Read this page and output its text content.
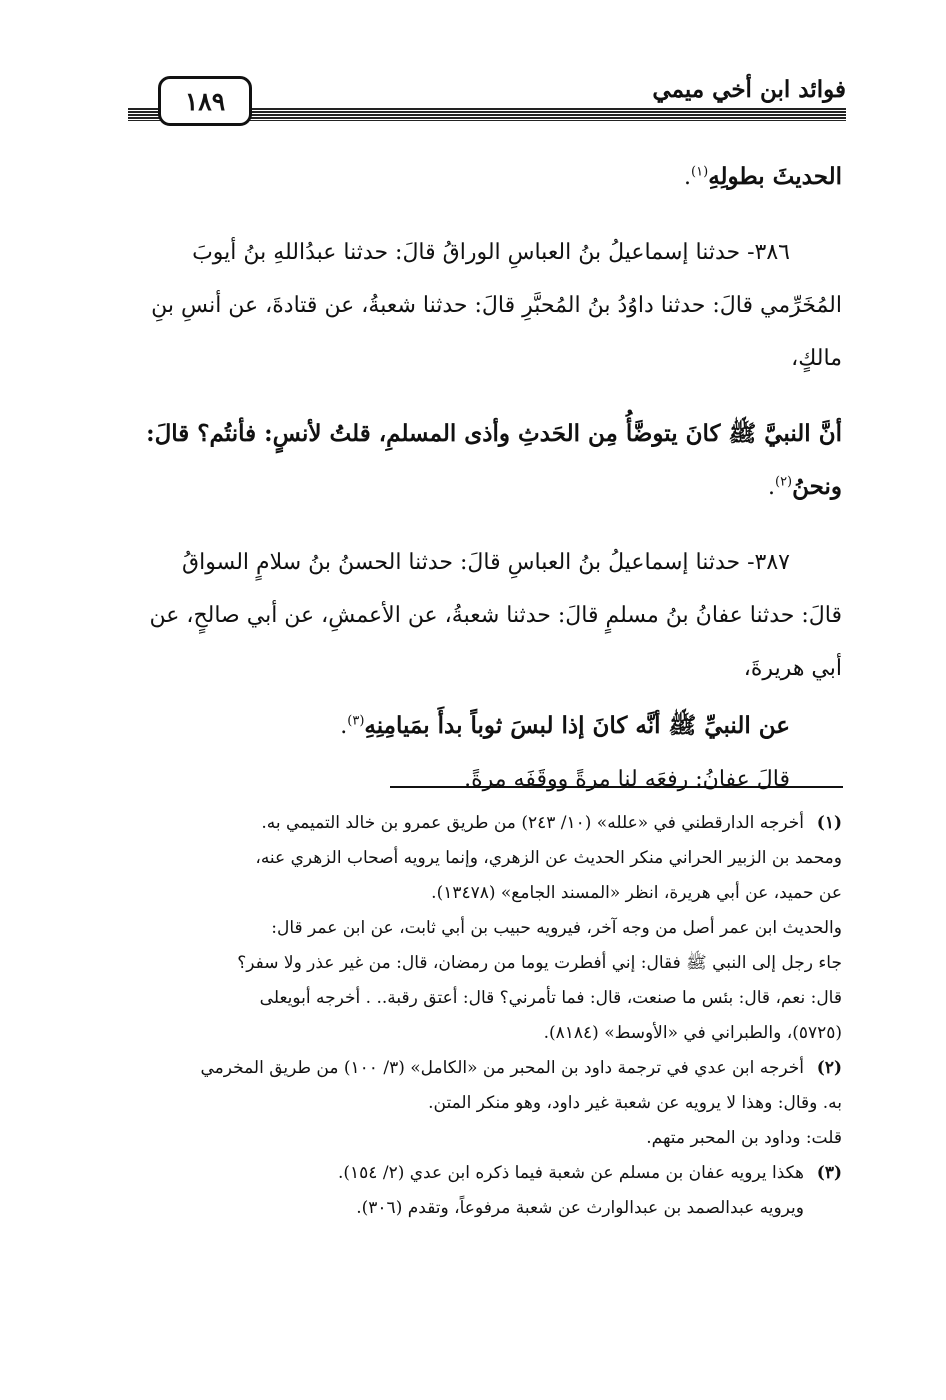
فوائد ابن أخي ميمي
١٨٩

الحديثَ بطولِهِ$^{(١)}$.

٣٨٦- حدثنا إسماعيلُ بنُ العباسِ الوراقُ قالَ: حدثنا عبدُاللهِ بنُ أيوبَ

المُخَرِّمي قالَ: حدثنا داوُدُ بنُ المُحبَّرِ قالَ: حدثنا شعبةُ، عن قتادةَ، عن أنسِ بنِ

مالكٍ،

أنَّ النبيَّ ﷺ كانَ يتوضَّأُ مِن الحَدثِ وأذى المسلمِ، قلتُ لأنسٍ: فأنتُم؟ قالَ:

ونحنُ$^{(٢)}$.

٣٨٧- حدثنا إسماعيلُ بنُ العباسِ قالَ: حدثنا الحسنُ بنُ سلامٍ السواقُ

قالَ: حدثنا عفانُ بنُ مسلمٍ قالَ: حدثنا شعبةُ، عن الأعمشِ، عن أبي صالحٍ، عن

أبي هريرةَ،

عن النبيِّ ﷺ أنَّه كانَ إذا لبسَ ثوباً بدأَ بمَيامِنِهِ$^{(٣)}$.

قالَ عفانُ: رفعَه لنا مرةً ووقَفَه مرةً.

(١)
أخرجه الدارقطني في «علله» (١٠/ ٢٤٣) من طريق عمرو بن خالد التميمي به.
ومحمد بن الزبير الحراني منكر الحديث عن الزهري، وإنما يرويه أصحاب الزهري عنه،
عن حميد، عن أبي هريرة، انظر «المسند الجامع» (١٣٤٧٨).
والحديث ابن عمر أصل من وجه آخر، فيرويه حبيب بن أبي ثابت، عن ابن عمر قال:
جاء رجل إلى النبي ﷺ فقال: إني أفطرت يوما من رمضان، قال: من غير عذر ولا سفر؟
قال: نعم، قال: بئس ما صنعت، قال: فما تأمرني؟ قال: أعتق رقبة.. . أخرجه أبويعلى
(٥٧٢٥)، والطبراني في «الأوسط» (٨١٨٤).
(٢)
أخرجه ابن عدي في ترجمة داود بن المحبر من «الكامل» (٣/ ١٠٠) من طريق المخرمي
به. وقال: وهذا لا يرويه عن شعبة غير داود، وهو منكر المتن.
قلت: وداود بن المحبر متهم.
(٣)
هكذا يرويه عفان بن مسلم عن شعبة فيما ذكره ابن عدي (٢/ ١٥٤).
ويرويه عبدالصمد بن عبدالوارث عن شعبة مرفوعاً، وتقدم (٣٠٦).
